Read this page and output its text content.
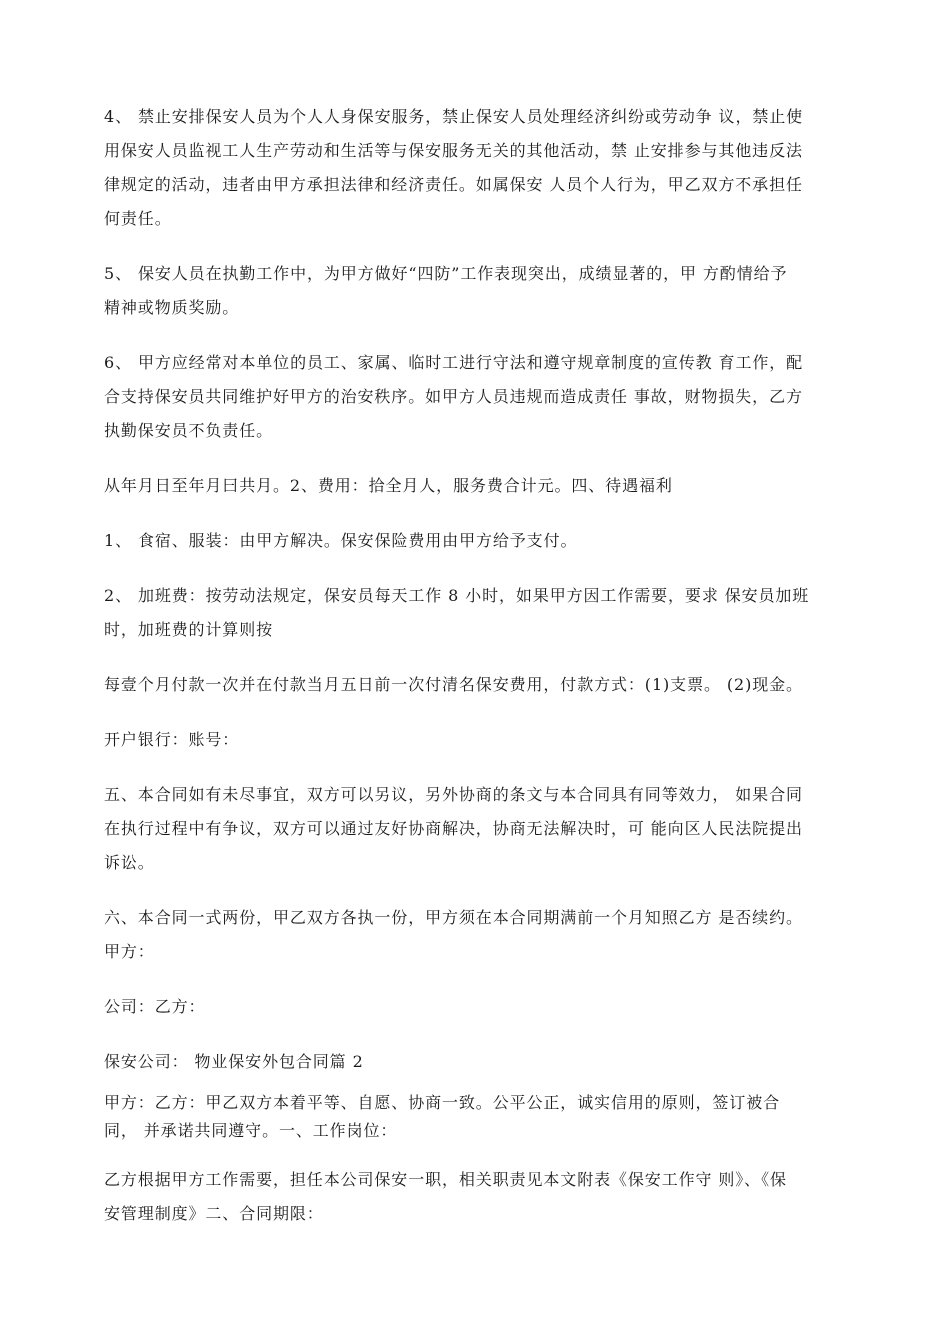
4、 禁止安排保安人员为个人人身保安服务，禁止保安人员处理经济纠纷或劳动争 议，禁止使
用保安人员监视工人生产劳动和生活等与保安服务无关的其他活动，禁 止安排参与其他违反法
律规定的活动，违者由甲方承担法律和经济责任。如属保安 人员个人行为，甲乙双方不承担任
何责任。

5、 保安人员在执勤工作中，为甲方做好“四防”工作表现突出，成绩显著的，甲 方酌情给予
精神或物质奖励。

6、 甲方应经常对本单位的员工、家属、临时工进行守法和遵守规章制度的宣传教 育工作，配
合支持保安员共同维护好甲方的治安秩序。如甲方人员违规而造成责任 事故，财物损失，乙方
执勤保安员不负责任。

从年月日至年月曰共月。2、费用：拾全月人，服务费合计元。四、待遇福利

1、 食宿、服装：由甲方解决。保安保险费用由甲方给予支付。

2、 加班费：按劳动法规定，保安员每天工作 8 小时，如果甲方因工作需要，要求 保安员加班
时，加班费的计算则按

每壹个月付款一次并在付款当月五日前一次付清名保安费用，付款方式：(1)支票。 (2)现金。

开户银行：账号：

五、本合同如有未尽事宜，双方可以另议，另外协商的条文与本合同具有同等效力， 如果合同
在执行过程中有争议，双方可以通过友好协商解决，协商无法解决时，可 能向区人民法院提出
诉讼。

六、本合同一式两份，甲乙双方各执一份，甲方须在本合同期满前一个月知照乙方 是否续约。
甲方：

公司：乙方：

保安公司： 物业保安外包合同篇 2

甲方：乙方：甲乙双方本着平等、自愿、协商一致。公平公正，诚实信用的原则，签订被合
同， 并承诺共同遵守。一、工作岗位：

乙方根据甲方工作需要，担任本公司保安一职，相关职责见本文附表《保安工作守 则》、《保
安管理制度》二、合同期限：
